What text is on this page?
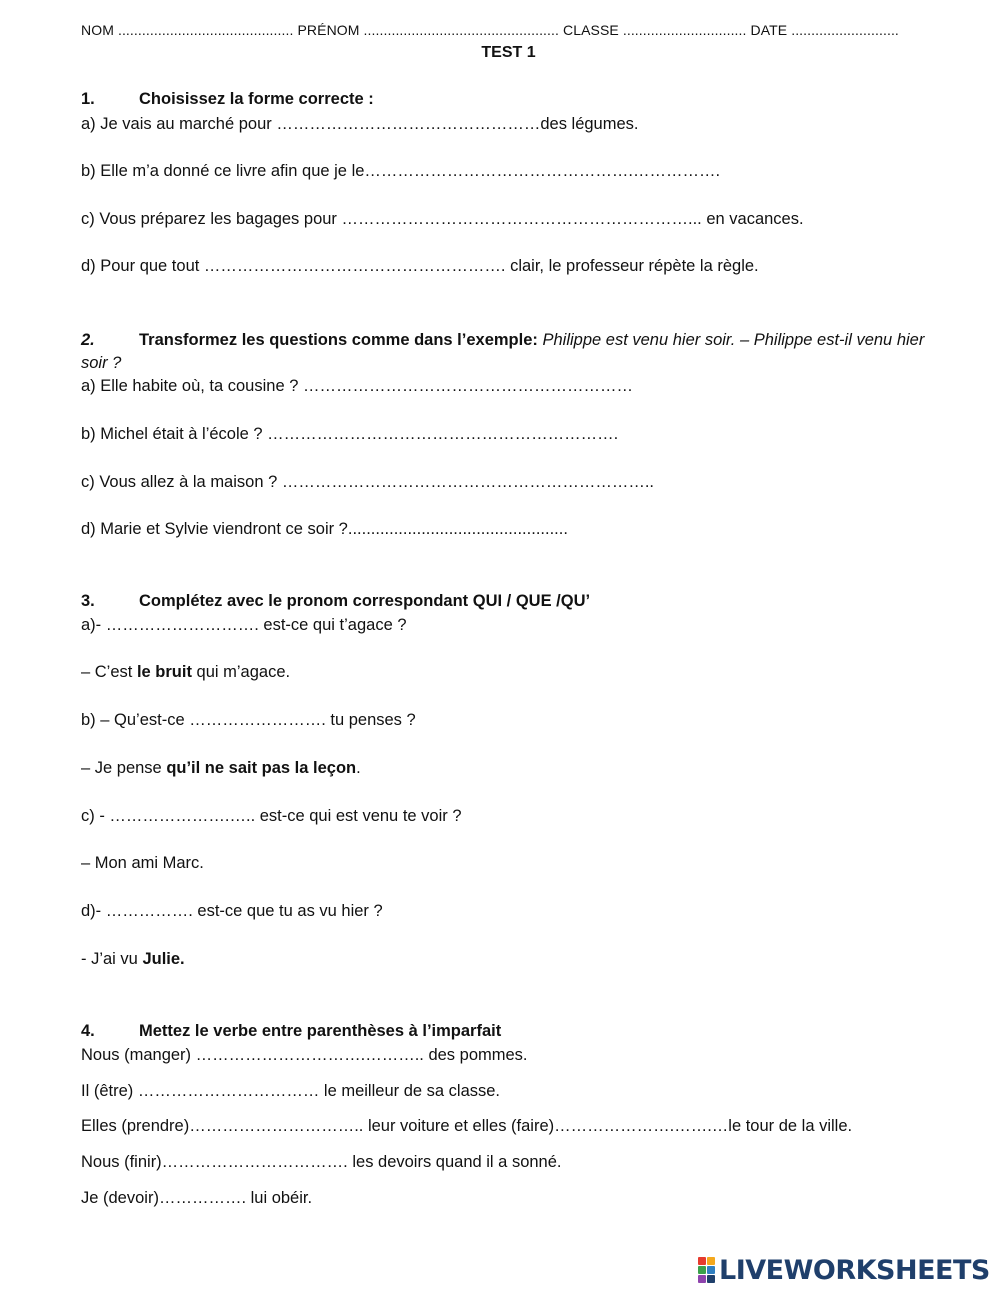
NOM ............................................ PRÉNOM ................................................. CLASSE ............................... DATE ...........................
TEST 1
1.	Choisissez la forme correcte :
a) Je vais au marché pour …………………………………………des légumes.
b) Elle m’a donné ce livre afin que je le………………………………………….…………….
c) Vous préparez les bagages pour ………………………………………………………... en vacances.
d) Pour que tout ………………………………………………. clair, le professeur répète la règle.
2.	Transformez les questions comme dans l’exemple: Philippe est venu hier soir. – Philippe est-il venu hier soir ?
a) Elle habite où, ta cousine ? ……………………………………………………
b) Michel était à l’école ? ……………………………………………………….
c) Vous allez à la maison ? …………………………………………………………..
d) Marie et Sylvie viendront ce soir ?................................................
3.	Complétez avec le pronom correspondant QUI / QUE /QU’
a)- ………………………. est-ce qui t’agace ?
– C’est le bruit qui m’agace.
b) – Qu’est-ce ……………………. tu penses ?
– Je pense qu’il ne sait pas la leçon.
c) - ………………….….. est-ce qui est venu te voir ?
– Mon ami Marc.
d)- ……………. est-ce que tu as vu hier ?
- J’ai vu Julie.
4.	Mettez le verbe entre parenthèses à l’imparfait
Nous (manger) ………………………….……….. des pommes.
Il (être) …………………………… le meilleur de sa classe.
Elles (prendre)………………………….. leur voiture et elles (faire)………………….…….…le tour de la ville.
Nous (finir)……………………………. les devoirs quand il a sonné.
Je (devoir)……………. lui obéir.
LIVEWORKSHEETS
